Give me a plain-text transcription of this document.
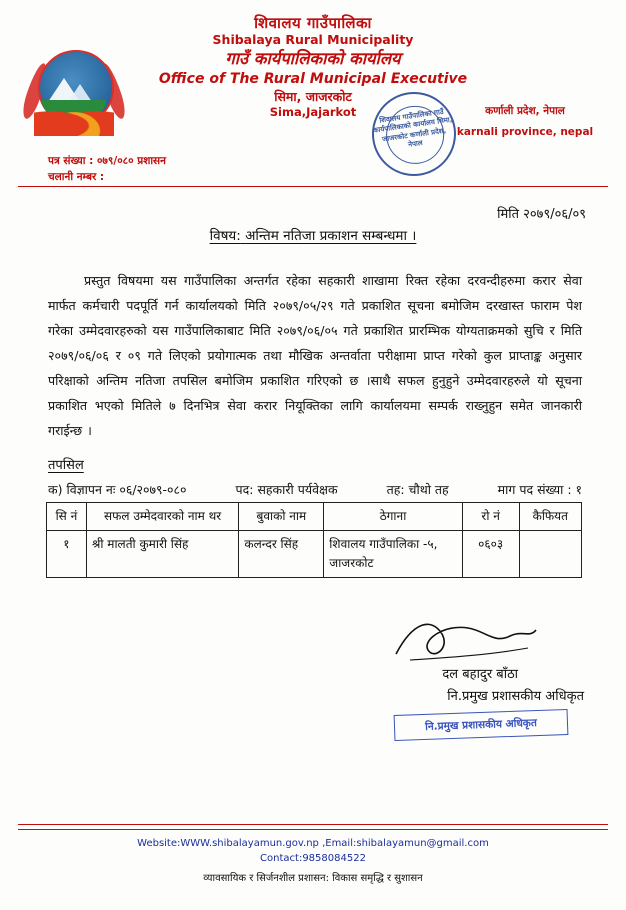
शिवालय गाउँपालिका
Shibalaya Rural Municipality
गाउँ कार्यपालिकाको कार्यालय
Office of The Rural Municipal Executive
सिमा, जाजरकोट
Sima,Jajarkot	कर्णाली प्रदेश, नेपाल
karnali province, nepal
शिवालय गाउँपालिका गाउँ कार्यपालिकाको कार्यालय सिमा, जाजरकोट कर्णाली प्रदेश, नेपाल
पत्र संख्या : ०७९/०८० प्रशासन
चलानी नम्बर :
मिति २०७९/०६/०९
विषय: अन्तिम नतिजा प्रकाशन सम्बन्धमा ।
प्रस्तुत विषयमा यस गाउँपालिका अन्तर्गत रहेका सहकारी शाखामा रिक्त रहेका दरवन्दीहरुमा करार सेवा मार्फत कर्मचारी पदपूर्ति गर्न कार्यालयको मिति २०७९/०५/२९ गते प्रकाशित सूचना बमोजिम दरखास्त फाराम पेश गरेका उम्मेदवारहरुको यस गाउँपालिकाबाट मिति २०७९/०६/०५ गते प्रकाशित प्रारम्भिक योग्यताक्रमको सुचि र मिति २०७९/०६/०६ र ०९ गते लिएको प्रयोगात्मक तथा मौखिक अन्तर्वाता परीक्षामा प्राप्त गरेको कुल प्राप्ताङ्क अनुसार परिक्षाको अन्तिम नतिजा तपसिल बमोजिम प्रकाशित गरिएको छ ।साथै सफल हुनुहुने उम्मेदवारहरुले यो सूचना प्रकाशित भएको मितिले ७ दिनभित्र सेवा करार नियूक्तिका लागि कार्यालयमा सम्पर्क राख्नुहुन समेत जानकारी गराईन्छ ।
तपसिल
क) विज्ञापन नः ०६/२०७९-०८०	पद: सहकारी पर्यवेक्षक	तह: चौथो तह	माग पद संख्या : १
सि नं	सफल उम्मेदवारको नाम थर	बुवाको नाम	ठेगाना	रो नं	कैफियत
१	श्री मालती कुमारी सिंह	कलन्दर सिंह	शिवालय गाउँपालिका -५, जाजरकोट	०६०३	
दल बहादुर बाँठा
नि.प्रमुख प्रशासकीय अधिकृत
नि.प्रमुख प्रशासकीय अधिकृत
Website:WWW.shibalayamun.gov.np ,Email:shibalayamun@gmail.com
Contact:9858084522
व्यावसायिक र सिर्जनशील प्रशासन: विकास समृद्धि र सुशासन
